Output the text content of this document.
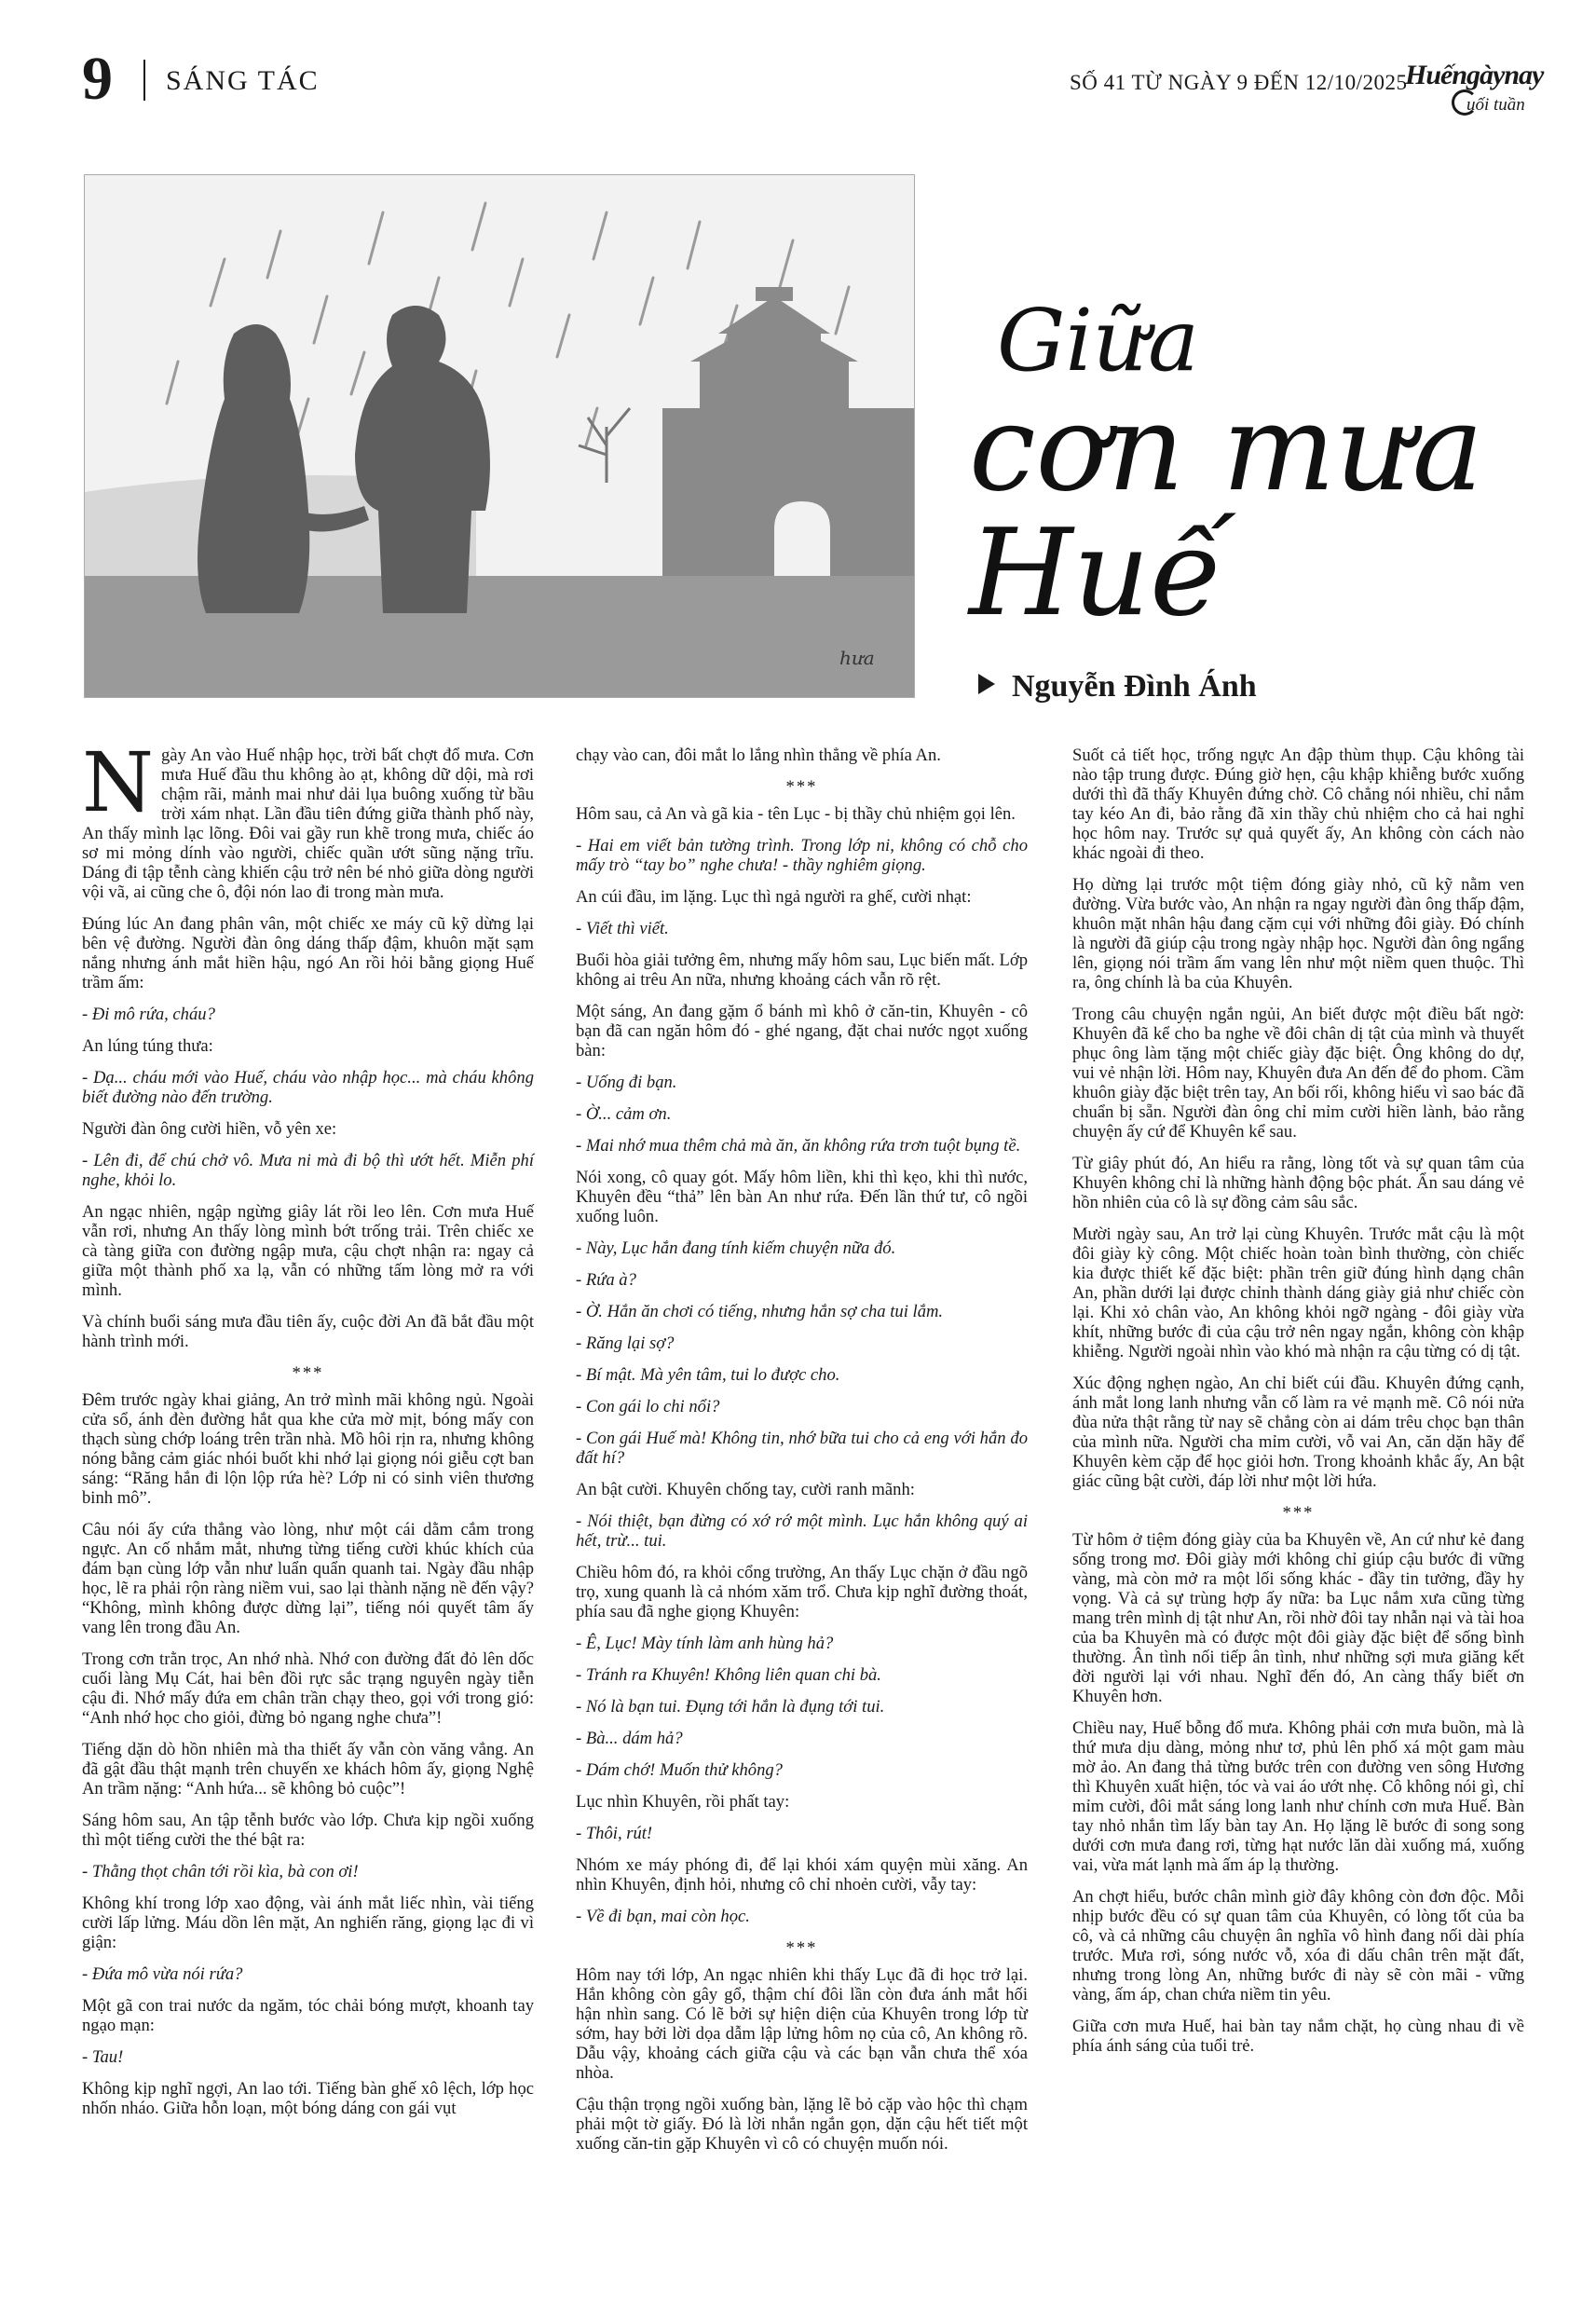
9 SÁNG TÁC	SỐ 41 TỪ NGÀY 9 ĐẾN 12/10/2025
Huếngàynay
uối tuần
hưa
Giữa
cơn mưa
Huế
Nguyễn Đình Ánh

Ngày An vào Huế nhập học, trời bất chợt đổ mưa. Cơn mưa Huế đầu thu không ào ạt, không dữ dội, mà rơi chậm rãi, mảnh mai như dải lụa buông xuống từ bầu trời xám nhạt. Lần đầu tiên đứng giữa thành phố này, An thấy mình lạc lõng. Đôi vai gầy run khẽ trong mưa, chiếc áo sơ mi mỏng dính vào người, chiếc quần ướt sũng nặng trĩu. Dáng đi tập tễnh càng khiến cậu trở nên bé nhỏ giữa dòng người vội vã, ai cũng che ô, đội nón lao đi trong màn mưa.

Đúng lúc An đang phân vân, một chiếc xe máy cũ kỹ dừng lại bên vệ đường. Người đàn ông dáng thấp đậm, khuôn mặt sạm nắng nhưng ánh mắt hiền hậu, ngó An rồi hỏi bằng giọng Huế trầm ấm:

- Đi mô rứa, cháu?

An lúng túng thưa:

- Dạ... cháu mới vào Huế, cháu vào nhập học... mà cháu không biết đường nào đến trường.

Người đàn ông cười hiền, vỗ yên xe:

- Lên đi, để chú chở vô. Mưa ni mà đi bộ thì ướt hết. Miễn phí nghe, khỏi lo.

An ngạc nhiên, ngập ngừng giây lát rồi leo lên. Cơn mưa Huế vẫn rơi, nhưng An thấy lòng mình bớt trống trải. Trên chiếc xe cà tàng giữa con đường ngập mưa, cậu chợt nhận ra: ngay cả giữa một thành phố xa lạ, vẫn có những tấm lòng mở ra với mình.

Và chính buổi sáng mưa đầu tiên ấy, cuộc đời An đã bắt đầu một hành trình mới.

***

Đêm trước ngày khai giảng, An trở mình mãi không ngủ. Ngoài cửa sổ, ánh đèn đường hắt qua khe cửa mờ mịt, bóng mấy con thạch sùng chớp loáng trên trần nhà. Mồ hôi rịn ra, nhưng không nóng bằng cảm giác nhói buốt khi nhớ lại giọng nói giễu cợt ban sáng: “Răng hắn đi lộn lộp rứa hè? Lớp ni có sinh viên thương binh mô”.

Câu nói ấy cứa thẳng vào lòng, như một cái dằm cắm trong ngực. An cố nhắm mắt, nhưng từng tiếng cười khúc khích của đám bạn cùng lớp vẫn như luẩn quẩn quanh tai. Ngày đầu nhập học, lẽ ra phải rộn ràng niềm vui, sao lại thành nặng nề đến vậy? “Không, mình không được dừng lại”, tiếng nói quyết tâm ấy vang lên trong đầu An.

Trong cơn trằn trọc, An nhớ nhà. Nhớ con đường đất đỏ lên dốc cuối làng Mụ Cát, hai bên đồi rực sắc trạng nguyên ngày tiễn cậu đi. Nhớ mấy đứa em chân trần chạy theo, gọi với trong gió: “Anh nhớ học cho giỏi, đừng bỏ ngang nghe chưa”!

Tiếng dặn dò hồn nhiên mà tha thiết ấy vẫn còn văng vẳng. An đã gật đầu thật mạnh trên chuyến xe khách hôm ấy, giọng Nghệ An trầm nặng: “Anh hứa... sẽ không bỏ cuộc”!

Sáng hôm sau, An tập tễnh bước vào lớp. Chưa kịp ngồi xuống thì một tiếng cười the thé bật ra:

- Thằng thọt chân tới rồi kìa, bà con ơi!

Không khí trong lớp xao động, vài ánh mắt liếc nhìn, vài tiếng cười lấp lửng. Máu dồn lên mặt, An nghiến răng, giọng lạc đi vì giận:

- Đứa mô vừa nói rứa?

Một gã con trai nước da ngăm, tóc chải bóng mượt, khoanh tay ngạo mạn:

- Tau!

Không kịp nghĩ ngợi, An lao tới. Tiếng bàn ghế xô lệch, lớp học nhốn nháo. Giữa hỗn loạn, một bóng dáng con gái vụt

chạy vào can, đôi mắt lo lắng nhìn thẳng về phía An.

***

Hôm sau, cả An và gã kia - tên Lục - bị thầy chủ nhiệm gọi lên.

- Hai em viết bản tường trình. Trong lớp ni, không có chỗ cho mấy trò “tay bo” nghe chưa! - thầy nghiêm giọng.

An cúi đầu, im lặng. Lục thì ngả người ra ghế, cười nhạt:

- Viết thì viết.

Buổi hòa giải tưởng êm, nhưng mấy hôm sau, Lục biến mất. Lớp không ai trêu An nữa, nhưng khoảng cách vẫn rõ rệt.

Một sáng, An đang gặm ổ bánh mì khô ở căn-tin, Khuyên - cô bạn đã can ngăn hôm đó - ghé ngang, đặt chai nước ngọt xuống bàn:

- Uống đi bạn.

- Ờ... cảm ơn.

- Mai nhớ mua thêm chả mà ăn, ăn không rứa trơn tuột bụng tề.

Nói xong, cô quay gót. Mấy hôm liền, khi thì kẹo, khi thì nước, Khuyên đều “thả” lên bàn An như rứa. Đến lần thứ tư, cô ngồi xuống luôn.

- Này, Lục hắn đang tính kiếm chuyện nữa đó.

- Rứa à?

- Ờ. Hắn ăn chơi có tiếng, nhưng hắn sợ cha tui lắm.

- Răng lại sợ?

- Bí mật. Mà yên tâm, tui lo được cho.

- Con gái lo chi nổi?

- Con gái Huế mà! Không tin, nhớ bữa tui cho cả eng với hắn đo đất hí?

An bật cười. Khuyên chống tay, cười ranh mãnh:

- Nói thiệt, bạn đừng có xớ rớ một mình. Lục hắn không quý ai hết, trừ... tui.

Chiều hôm đó, ra khỏi cổng trường, An thấy Lục chặn ở đầu ngõ trọ, xung quanh là cả nhóm xăm trổ. Chưa kịp nghĩ đường thoát, phía sau đã nghe giọng Khuyên:

- Ê, Lục! Mày tính làm anh hùng hả?

- Tránh ra Khuyên! Không liên quan chi bà.

- Nó là bạn tui. Đụng tới hắn là đụng tới tui.

- Bà... dám hả?

- Dám chớ! Muốn thử không?

Lục nhìn Khuyên, rồi phất tay:

- Thôi, rút!

Nhóm xe máy phóng đi, để lại khói xám quyện mùi xăng. An nhìn Khuyên, định hỏi, nhưng cô chỉ nhoẻn cười, vẫy tay:

- Về đi bạn, mai còn học.

***

Hôm nay tới lớp, An ngạc nhiên khi thấy Lục đã đi học trở lại. Hắn không còn gây gổ, thậm chí đôi lần còn đưa ánh mắt hối hận nhìn sang. Có lẽ bởi sự hiện diện của Khuyên trong lớp từ sớm, hay bởi lời dọa dẫm lập lửng hôm nọ của cô, An không rõ. Dẫu vậy, khoảng cách giữa cậu và các bạn vẫn chưa thể xóa nhòa.

Cậu thận trọng ngồi xuống bàn, lặng lẽ bỏ cặp vào hộc thì chạm phải một tờ giấy. Đó là lời nhắn ngắn gọn, dặn cậu hết tiết một xuống căn-tin gặp Khuyên vì cô có chuyện muốn nói.

Suốt cả tiết học, trống ngực An đập thùm thụp. Cậu không tài nào tập trung được. Đúng giờ hẹn, cậu khập khiễng bước xuống dưới thì đã thấy Khuyên đứng chờ. Cô chẳng nói nhiều, chỉ nắm tay kéo An đi, bảo rằng đã xin thầy chủ nhiệm cho cả hai nghỉ học hôm nay. Trước sự quả quyết ấy, An không còn cách nào khác ngoài đi theo.

Họ dừng lại trước một tiệm đóng giày nhỏ, cũ kỹ nằm ven đường. Vừa bước vào, An nhận ra ngay người đàn ông thấp đậm, khuôn mặt nhân hậu đang cặm cụi với những đôi giày. Đó chính là người đã giúp cậu trong ngày nhập học. Người đàn ông ngẩng lên, giọng nói trầm ấm vang lên như một niềm quen thuộc. Thì ra, ông chính là ba của Khuyên.

Trong câu chuyện ngắn ngủi, An biết được một điều bất ngờ: Khuyên đã kể cho ba nghe về đôi chân dị tật của mình và thuyết phục ông làm tặng một chiếc giày đặc biệt. Ông không do dự, vui vẻ nhận lời. Hôm nay, Khuyên đưa An đến để đo phom. Cầm khuôn giày đặc biệt trên tay, An bối rối, không hiểu vì sao bác đã chuẩn bị sẵn. Người đàn ông chỉ mỉm cười hiền lành, bảo rằng chuyện ấy cứ để Khuyên kể sau.

Từ giây phút đó, An hiểu ra rằng, lòng tốt và sự quan tâm của Khuyên không chỉ là những hành động bộc phát. Ẩn sau dáng vẻ hồn nhiên của cô là sự đồng cảm sâu sắc.

Mười ngày sau, An trở lại cùng Khuyên. Trước mắt cậu là một đôi giày kỳ công. Một chiếc hoàn toàn bình thường, còn chiếc kia được thiết kế đặc biệt: phần trên giữ đúng hình dạng chân An, phần dưới lại được chỉnh thành dáng giày giả như chiếc còn lại. Khi xỏ chân vào, An không khỏi ngỡ ngàng - đôi giày vừa khít, những bước đi của cậu trở nên ngay ngắn, không còn khập khiễng. Người ngoài nhìn vào khó mà nhận ra cậu từng có dị tật.

Xúc động nghẹn ngào, An chỉ biết cúi đầu. Khuyên đứng cạnh, ánh mắt long lanh nhưng vẫn cố làm ra vẻ mạnh mẽ. Cô nói nửa đùa nửa thật rằng từ nay sẽ chẳng còn ai dám trêu chọc bạn thân của mình nữa. Người cha mỉm cười, vỗ vai An, căn dặn hãy để Khuyên kèm cặp để học giỏi hơn. Trong khoảnh khắc ấy, An bật giác cũng bật cười, đáp lời như một lời hứa.

***

Từ hôm ở tiệm đóng giày của ba Khuyên về, An cứ như kẻ đang sống trong mơ. Đôi giày mới không chỉ giúp cậu bước đi vững vàng, mà còn mở ra một lối sống khác - đầy tin tưởng, đầy hy vọng. Và cả sự trùng hợp ấy nữa: ba Lục nắm xưa cũng từng mang trên mình dị tật như An, rồi nhờ đôi tay nhẫn nại và tài hoa của ba Khuyên mà có được một đôi giày đặc biệt để sống bình thường. Ân tình nối tiếp ân tình, như những sợi mưa giăng kết đời người lại với nhau. Nghĩ đến đó, An càng thấy biết ơn Khuyên hơn.

Chiều nay, Huế bỗng đổ mưa. Không phải cơn mưa buồn, mà là thứ mưa dịu dàng, mỏng như tơ, phủ lên phố xá một gam màu mờ ảo. An đang thả từng bước trên con đường ven sông Hương thì Khuyên xuất hiện, tóc và vai áo ướt nhẹ. Cô không nói gì, chỉ mỉm cười, đôi mắt sáng long lanh như chính cơn mưa Huế. Bàn tay nhỏ nhắn tìm lấy bàn tay An. Họ lặng lẽ bước đi song song dưới cơn mưa đang rơi, từng hạt nước lăn dài xuống má, xuống vai, vừa mát lạnh mà ấm áp lạ thường.

An chợt hiểu, bước chân mình giờ đây không còn đơn độc. Mỗi nhịp bước đều có sự quan tâm của Khuyên, có lòng tốt của ba cô, và cả những câu chuyện ân nghĩa vô hình đang nối dài phía trước. Mưa rơi, sóng nước vỗ, xóa đi dấu chân trên mặt đất, nhưng trong lòng An, những bước đi này sẽ còn mãi - vững vàng, ấm áp, chan chứa niềm tin yêu.

Giữa cơn mưa Huế, hai bàn tay nắm chặt, họ cùng nhau đi về phía ánh sáng của tuổi trẻ.
